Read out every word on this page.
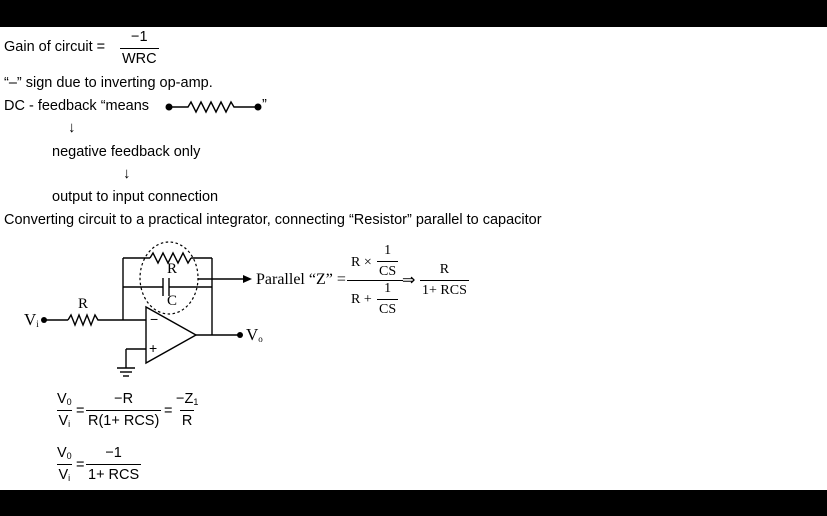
Gain of circuit =
−1
WRC
“–” sign due to inverting op-amp.
DC - feedback “means	”
↓
negative feedback only
↓
output to input connection
Converting circuit to a practical integrator, connecting “Resistor” parallel to capacitor
R
C
R
$V_i$
$V_o$
−
+
Parallel “Z” =
$R \times \frac{1}{CS}$
$R + \frac{1}{CS}$
⇒
R
1+ RCS
$\frac{V_0}{V_i}$ =
−R
R(1+ RCS)
= $\frac{-Z_1}{R}$
$\frac{V_0}{V_i}$ =
−1
1+ RCS
